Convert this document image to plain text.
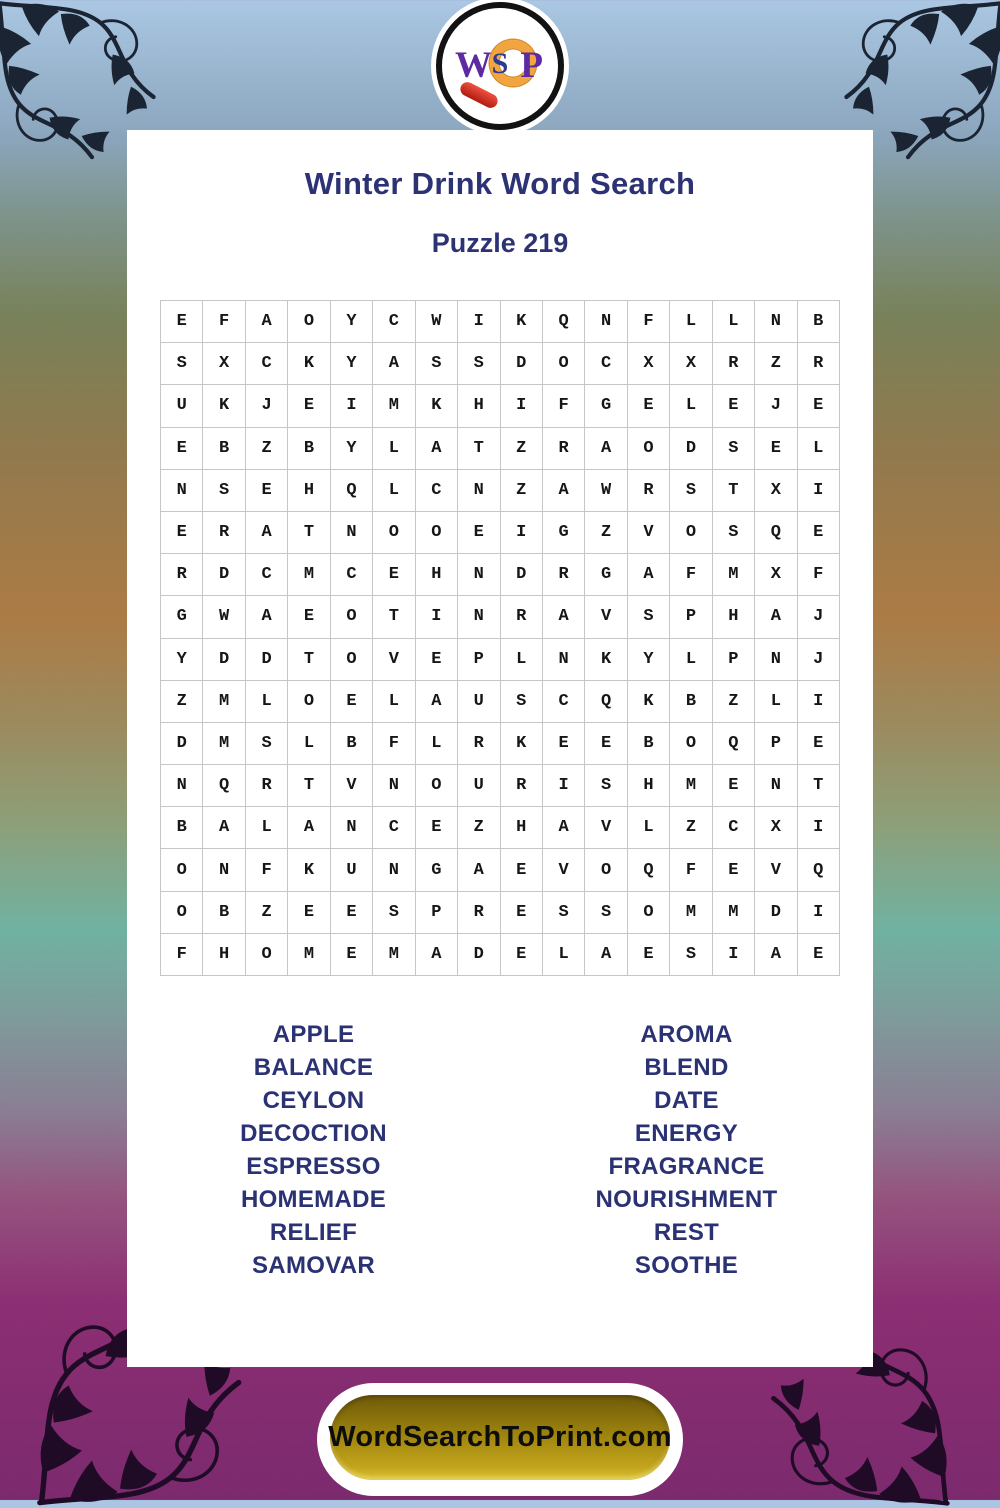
W S P
Winter Drink Word Search
Puzzle 219
E	F	A	O	Y	C	W	I	K	Q	N	F	L	L	N	B
S	X	C	K	Y	A	S	S	D	O	C	X	X	R	Z	R
U	K	J	E	I	M	K	H	I	F	G	E	L	E	J	E
E	B	Z	B	Y	L	A	T	Z	R	A	O	D	S	E	L
N	S	E	H	Q	L	C	N	Z	A	W	R	S	T	X	I
E	R	A	T	N	O	O	E	I	G	Z	V	O	S	Q	E
R	D	C	M	C	E	H	N	D	R	G	A	F	M	X	F
G	W	A	E	O	T	I	N	R	A	V	S	P	H	A	J
Y	D	D	T	O	V	E	P	L	N	K	Y	L	P	N	J
Z	M	L	O	E	L	A	U	S	C	Q	K	B	Z	L	I
D	M	S	L	B	F	L	R	K	E	E	B	O	Q	P	E
N	Q	R	T	V	N	O	U	R	I	S	H	M	E	N	T
B	A	L	A	N	C	E	Z	H	A	V	L	Z	C	X	I
O	N	F	K	U	N	G	A	E	V	O	Q	F	E	V	Q
O	B	Z	E	E	S	P	R	E	S	S	O	M	M	D	I
F	H	O	M	E	M	A	D	E	L	A	E	S	I	A	E
APPLE
BALANCE
CEYLON
DECOCTION
ESPRESSO
HOMEMADE
RELIEF
SAMOVAR
AROMA
BLEND
DATE
ENERGY
FRAGRANCE
NOURISHMENT
REST
SOOTHE
WordSearchToPrint.com
